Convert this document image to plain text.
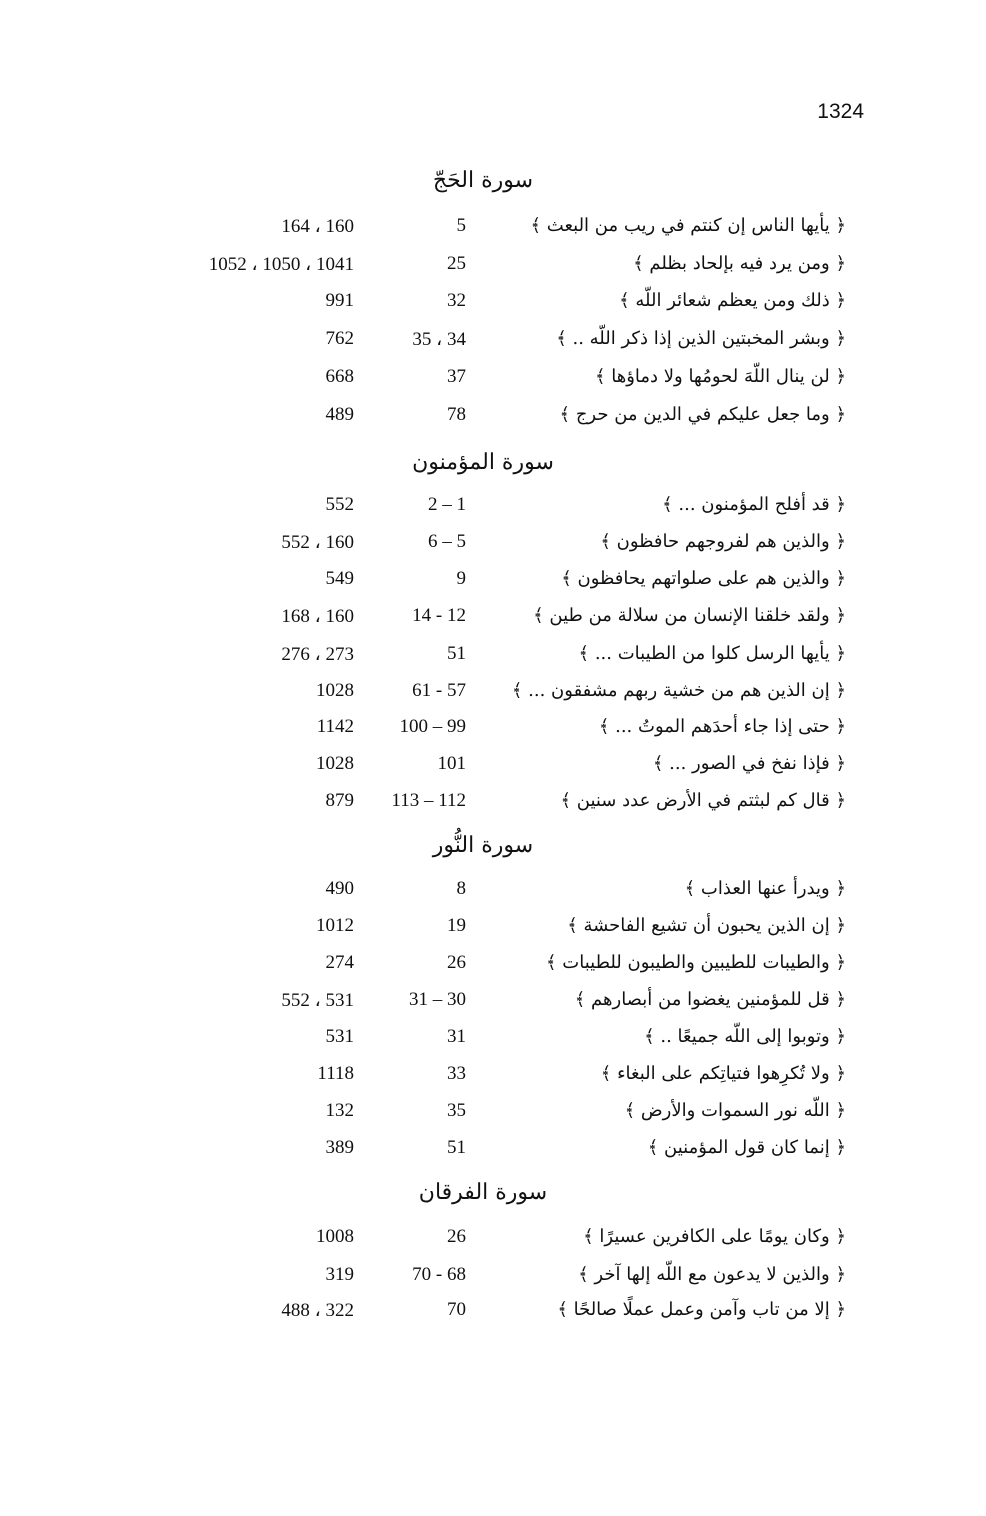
1324
سورة الحَجّ
﴿ يأيها الناس إن كنتم في ريب من البعث ﴾
5
164 ، 160
﴿ ومن يرد فيه بإلحاد بظلم ﴾
25
1052 ، 1050 ، 1041
﴿ ذلك ومن يعظم شعائر اللّه ﴾
32
991
﴿ وبشر المخبتين الذين إذا ذكر اللّه .. ﴾
35 ، 34
762
﴿ لن ينال اللّهَ لحومُها ولا دماؤها ﴾
37
668
﴿ وما جعل عليكم في الدين من حرج ﴾
78
489
سورة المؤمنون
﴿ قد أفلح المؤمنون ... ﴾
2 – 1
552
﴿ والذين هم لفروجهم حافظون ﴾
6 – 5
552 ، 160
﴿ والذين هم على صلواتهم يحافظون ﴾
9
549
﴿ ولقد خلقنا الإنسان من سلالة من طين ﴾
14 - 12
168 ، 160
﴿ يأيها الرسل كلوا من الطيبات ... ﴾
51
276 ، 273
﴿ إن الذين هم من خشية ربهم مشفقون ... ﴾
61 - 57
1028
﴿ حتى إذا جاء أحدَهم الموتُ ... ﴾
100 – 99
1142
﴿ فإذا نفخ في الصور ... ﴾
101
1028
﴿ قال كم لبثتم في الأرض عدد سنين ﴾
113 – 112
879
سورة النُّور
﴿ ويدرأ عنها العذاب ﴾
8
490
﴿ إن الذين يحبون أن تشيع الفاحشة ﴾
19
1012
﴿ والطيبات للطيبين والطيبون للطيبات ﴾
26
274
﴿ قل للمؤمنين يغضوا من أبصارهم ﴾
31 – 30
552 ، 531
﴿ وتوبوا إلى اللّه جميعًا .. ﴾
31
531
﴿ ولا تُكرِهوا فتياتِكم على البغاء ﴾
33
1118
﴿ اللّه نور السموات والأرض ﴾
35
132
﴿ إنما كان قول المؤمنين ﴾
51
389
سورة الفرقان
﴿ وكان يومًا على الكافرين عسيرًا ﴾
26
1008
﴿ والذين لا يدعون مع اللّه إلها آخر ﴾
70 - 68
319
﴿ إلا من تاب وآمن وعمل عملًا صالحًا ﴾
70
488 ، 322
